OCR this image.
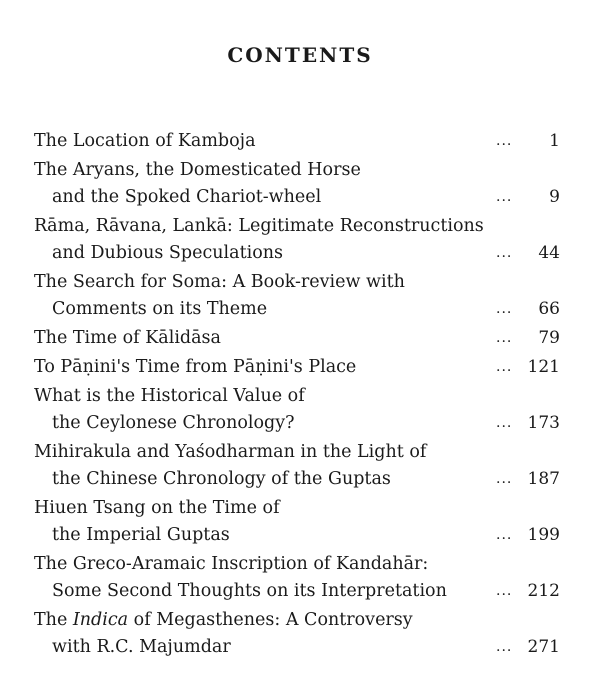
CONTENTS
The Location of Kamboja	... 1
The Aryans, the Domesticated Horse
and the Spoked Chariot-wheel	... 9
Rāma, Rāvana, Lankā: Legitimate Reconstructions
and Dubious Speculations	... 44
The Search for Soma: A Book-review with
Comments on its Theme	... 66
The Time of Kālidāsa	... 79
To Pāṇini's Time from Pāṇini's Place	... 121
What is the Historical Value of
the Ceylonese Chronology?	... 173
Mihirakula and Yaśodharman in the Light of
the Chinese Chronology of the Guptas	... 187
Hiuen Tsang on the Time of
the Imperial Guptas	... 199
The Greco-Aramaic Inscription of Kandahār:
Some Second Thoughts on its Interpretation	... 212
The Indica of Megasthenes: A Controversy
with R.C. Majumdar	... 271
